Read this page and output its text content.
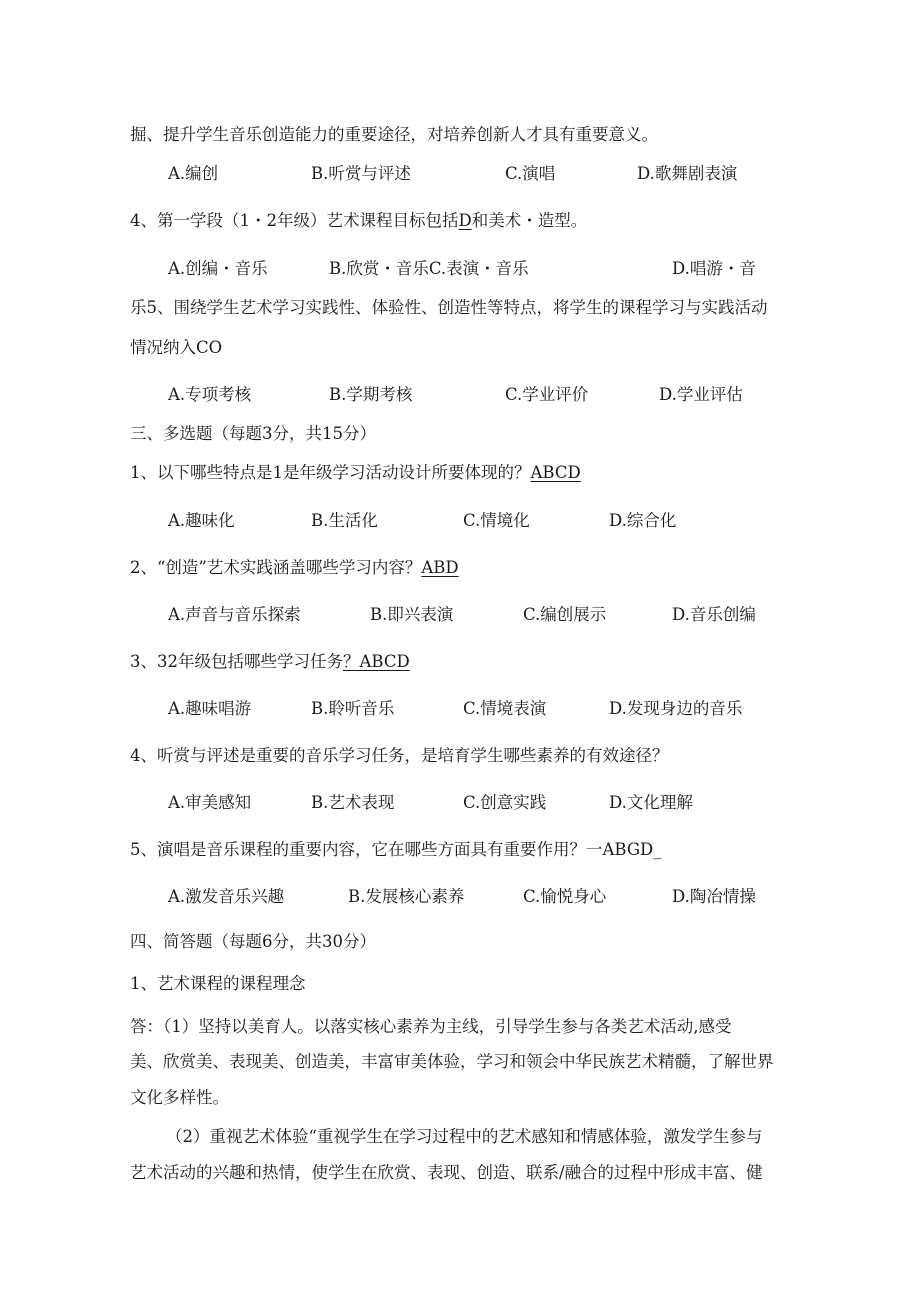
掘、提升学生音乐创造能力的重要途径，对培养创新人才具有重要意义。
A.编创	B.听赏与评述	C.演唱	D.歌舞剧表演
4、第一学段（1・2年级）艺术课程目标包括D和美术・造型。
A.创编・音乐	B.欣赏・音乐C.表演・音乐	D.唱游・音
乐5、围绕学生艺术学习实践性、体验性、创造性等特点，将学生的课程学习与实践活动
情况纳入CO
A.专项考核	B.学期考核	C.学业评价	D.学业评估
三、多选题（每题3分，共15分）
1、以下哪些特点是1是年级学习活动设计所要体现的？ABCD
A.趣味化	B.生活化	C.情境化	D.综合化
2、“创造”艺术实践涵盖哪些学习内容？ABD
A.声音与音乐探索	B.即兴表演	C.编创展示	D.音乐创编
3、32年级包括哪些学习任务？ABCD
A.趣味唱游	B.聆听音乐	C.情境表演	D.发现身边的音乐
4、听赏与评述是重要的音乐学习任务，是培育学生哪些素养的有效途径？
A.审美感知	B.艺术表现	C.创意实践	D.文化理解
5、演唱是音乐课程的重要内容，它在哪些方面具有重要作用？一ABGD_
A.激发音乐兴趣	B.发展核心素养	C.愉悦身心	D.陶冶情操
四、简答题（每题6分，共30分）
1、艺术课程的课程理念
答：（1）坚持以美育人。以落实核心素养为主线，引导学生参与各类艺术活动,感受
美、欣赏美、表现美、创造美，丰富审美体验，学习和领会中华民族艺术精髓，了解世界
文化多样性。
（2）重视艺术体验“重视学生在学习过程中的艺术感知和情感体验，激发学生参与
艺术活动的兴趣和热情，使学生在欣赏、表现、创造、联系/融合的过程中形成丰富、健
